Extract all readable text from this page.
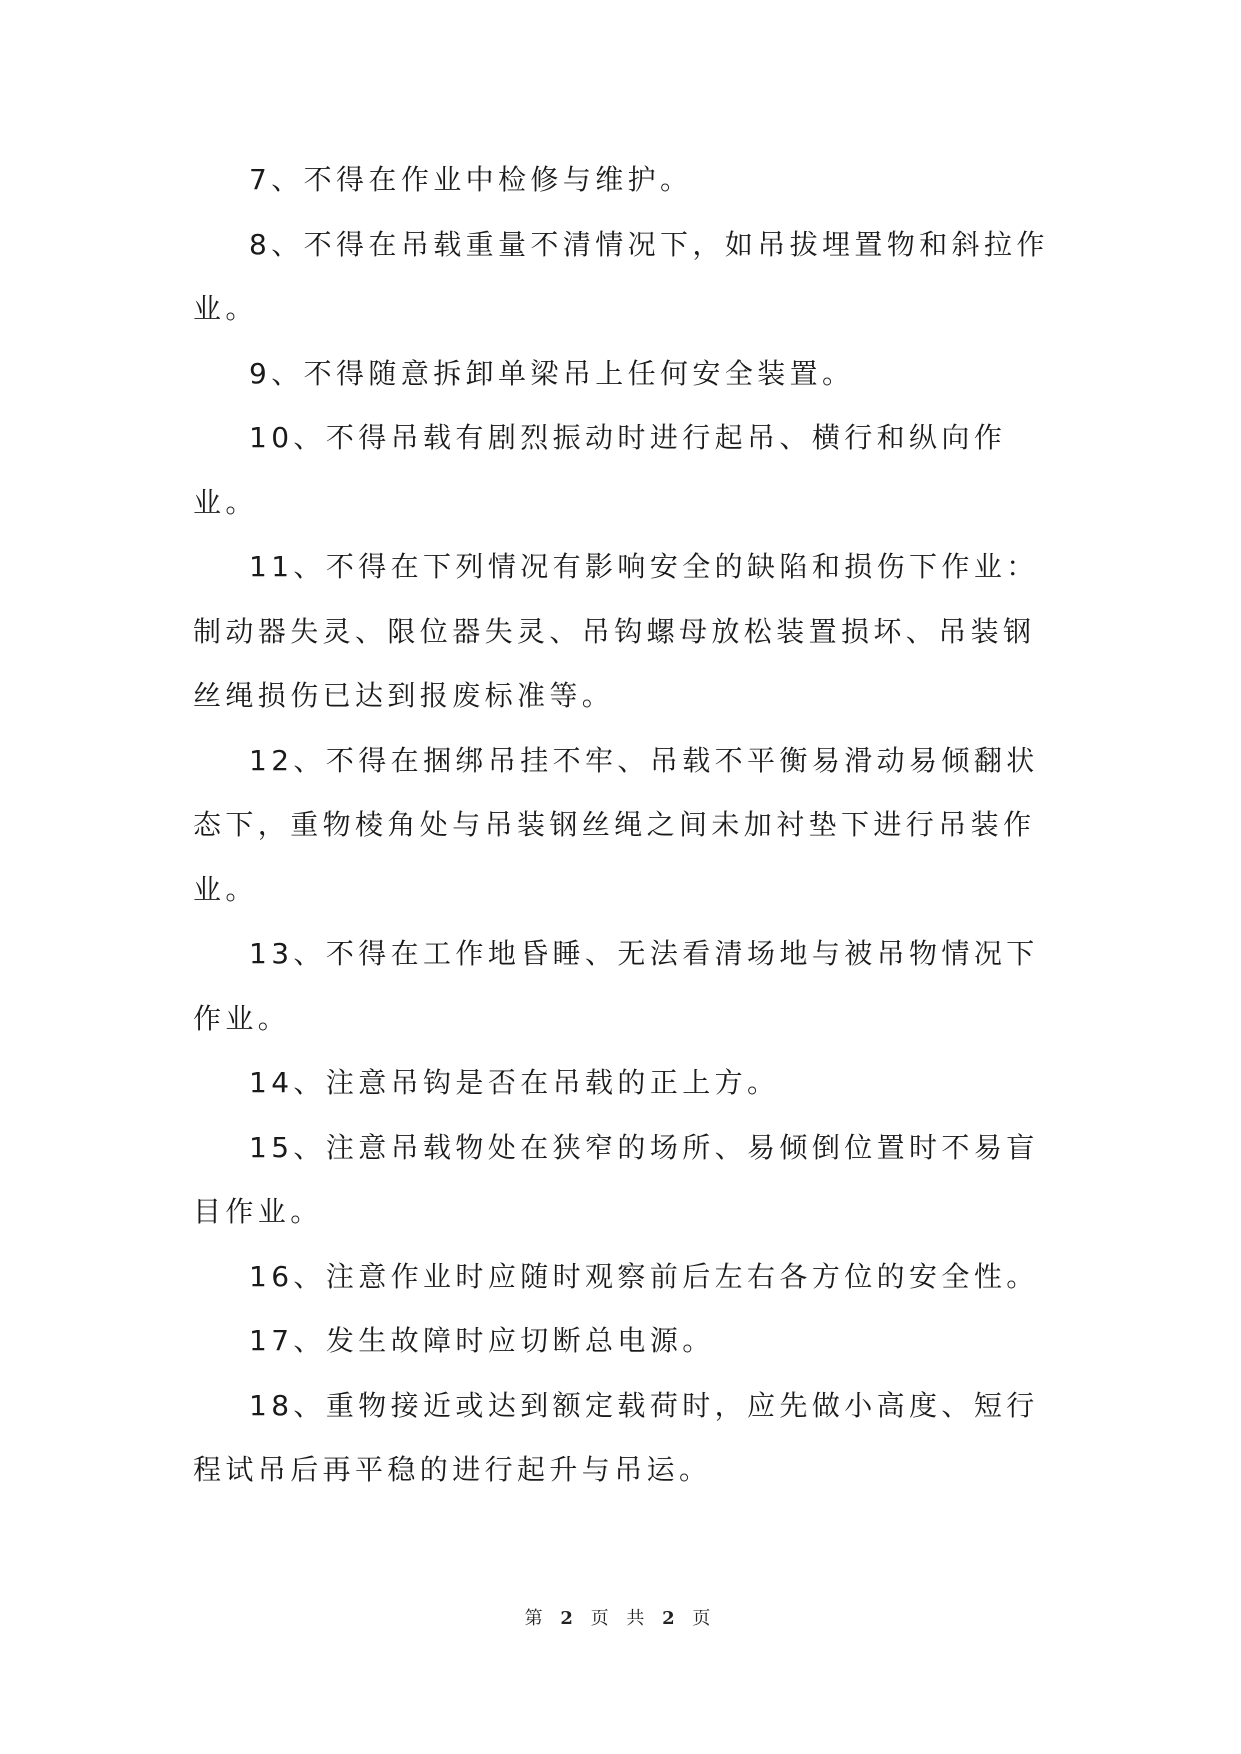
7、不得在作业中检修与维护。

8、不得在吊载重量不清情况下，如吊拔埋置物和斜拉作业。

9、不得随意拆卸单梁吊上任何安全装置。

10、不得吊载有剧烈振动时进行起吊、横行和纵向作业。

11、不得在下列情况有影响安全的缺陷和损伤下作业：制动器失灵、限位器失灵、吊钩螺母放松装置损坏、吊装钢丝绳损伤已达到报废标准等。

12、不得在捆绑吊挂不牢、吊载不平衡易滑动易倾翻状态下，重物棱角处与吊装钢丝绳之间未加衬垫下进行吊装作业。

13、不得在工作地昏睡、无法看清场地与被吊物情况下作业。

14、注意吊钩是否在吊载的正上方。

15、注意吊载物处在狭窄的场所、易倾倒位置时不易盲目作业。

16、注意作业时应随时观察前后左右各方位的安全性。

17、发生故障时应切断总电源。

18、重物接近或达到额定载荷时，应先做小高度、短行程试吊后再平稳的进行起升与吊运。

第 2 页 共 2 页
